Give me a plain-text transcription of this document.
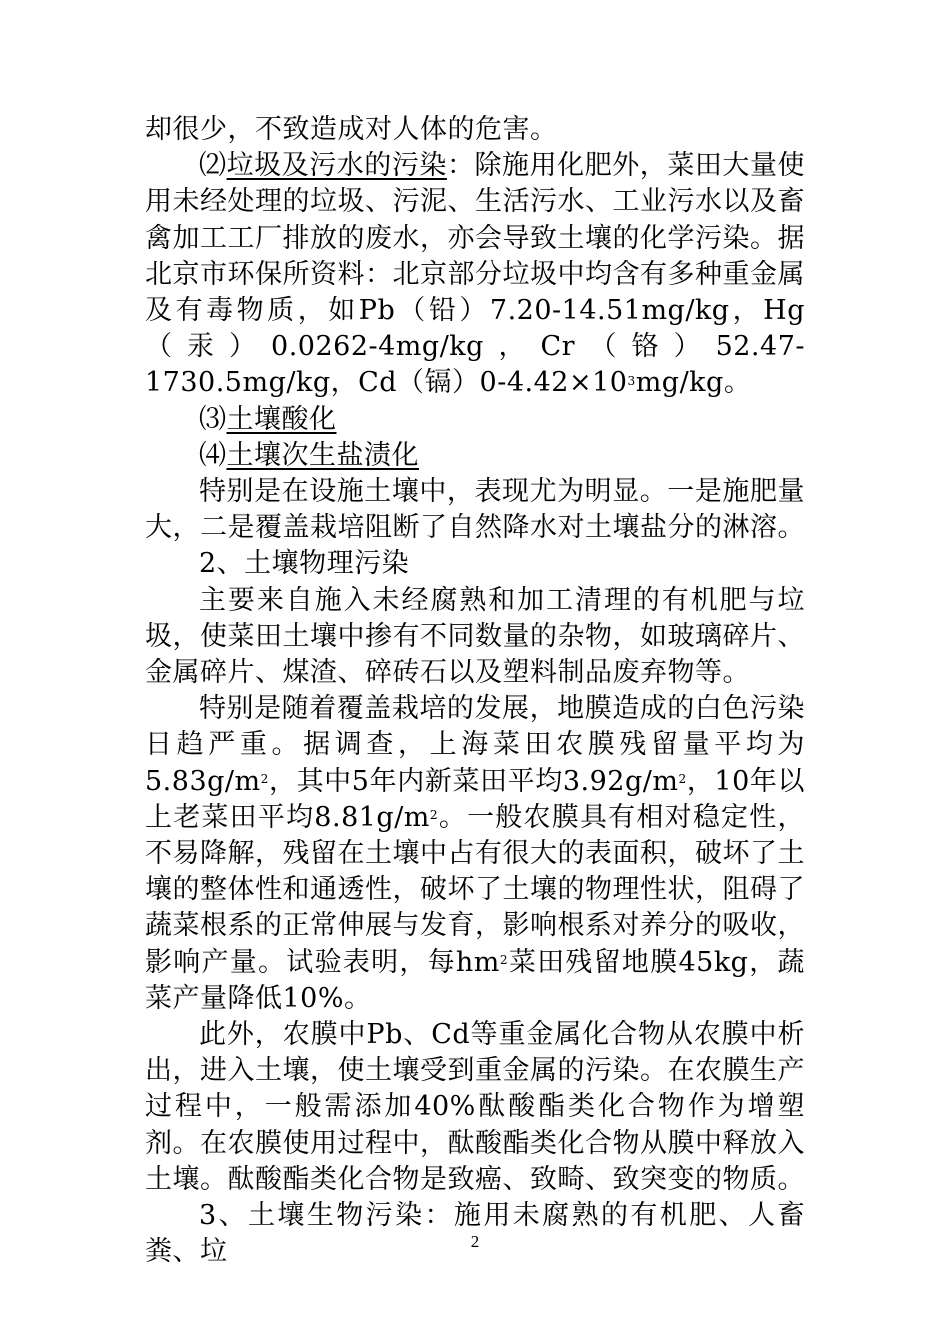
却很少，不致造成对人体的危害。

⑵垃圾及污水的污染：除施用化肥外，菜田大量使用未经处理的垃圾、污泥、生活污水、工业污水以及畜禽加工工厂排放的废水，亦会导致土壤的化学污染。据北京市环保所资料：北京部分垃圾中均含有多种重金属及有毒物质，如Pb（铅）7.20-14.51mg/kg，Hg（汞）0.0262-4mg/kg，Cr（铬）52.47-1730.5mg/kg，Cd（镉）$0-4.42\times 10^3mg/kg$。

⑶土壤酸化

⑷土壤次生盐渍化

特别是在设施土壤中，表现尤为明显。一是施肥量大，二是覆盖栽培阻断了自然降水对土壤盐分的淋溶。

2、土壤物理污染

主要来自施入未经腐熟和加工清理的有机肥与垃圾，使菜田土壤中掺有不同数量的杂物，如玻璃碎片、金属碎片、煤渣、碎砖石以及塑料制品废弃物等。

特别是随着覆盖栽培的发展，地膜造成的白色污染日趋严重。据调查，上海菜田农膜残留量平均为$5.83g/m^2$，其中5年内新菜田平均$3.92g/m^2$，10年以上老菜田平均$8.81g/m^2$。一般农膜具有相对稳定性，不易降解，残留在土壤中占有很大的表面积，破坏了土壤的整体性和通透性，破坏了土壤的物理性状，阻碍了蔬菜根系的正常伸展与发育，影响根系对养分的吸收，影响产量。试验表明，每$hm^2$菜田残留地膜45kg，蔬菜产量降低10%。

此外，农膜中Pb、Cd等重金属化合物从农膜中析出，进入土壤，使土壤受到重金属的污染。在农膜生产过程中，一般需添加40%酞酸酯类化合物作为增塑剂。在农膜使用过程中，酞酸酯类化合物从膜中释放入土壤。酞酸酯类化合物是致癌、致畸、致突变的物质。

3、土壤生物污染：施用未腐熟的有机肥、人畜粪、垃	2
